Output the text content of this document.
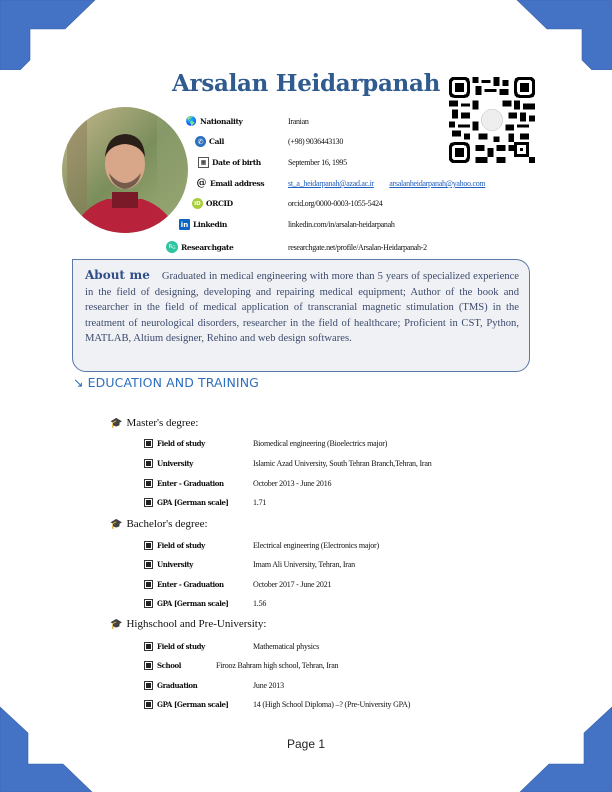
Arsalan Heidarpanah
🌎 Nationality	Iranian
✆ Call	(+98) 9036443130
▦ Date of birth	September 16, 1995
@ Email address	st_a_heidarpanah@azad.ac.ir arsalanheidarpanah@yahoo.com
iD ORCID	orcid.org/0000-0003-1055-5424
in Linkedin	linkedin.com/in/arsalan-heidarpanah
R G Researchgate	researchgate.net/profile/Arsalan-Heidarpanah-2
About me Graduated in medical engineering with more than 5 years of specialized experience in the field of designing, developing and repairing medical equipment; Author of the book and researcher in the field of medical application of transcranial magnetic stimulation (TMS) in the treatment of neurological disorders, researcher in the field of healthcare; Proficient in CST, Python, MATLAB, Altium designer, Rehino and web design softwares.
↘ EDUCATION AND TRAINING
🎓 Master's degree:
Field of study	Biomedical engineering (Bioelectrics major)
University	Islamic Azad University, South Tehran Branch,Tehran, Iran
Enter - Graduation	October 2013 - June 2016
GPA [German scale]	1.71
🎓 Bachelor's degree:
Field of study	Electrical engineering (Electronics major)
University	Imam Ali University, Tehran, Iran
Enter - Graduation	October 2017 - June 2021
GPA [German scale]	1.56
🎓 Highschool and Pre-University:
Field of study	Mathematical physics
School	Firooz Bahram high school, Tehran, Iran
Graduation	June 2013
GPA [German scale]	14 (High School Diploma) –? (Pre-University GPA)
Page 1
